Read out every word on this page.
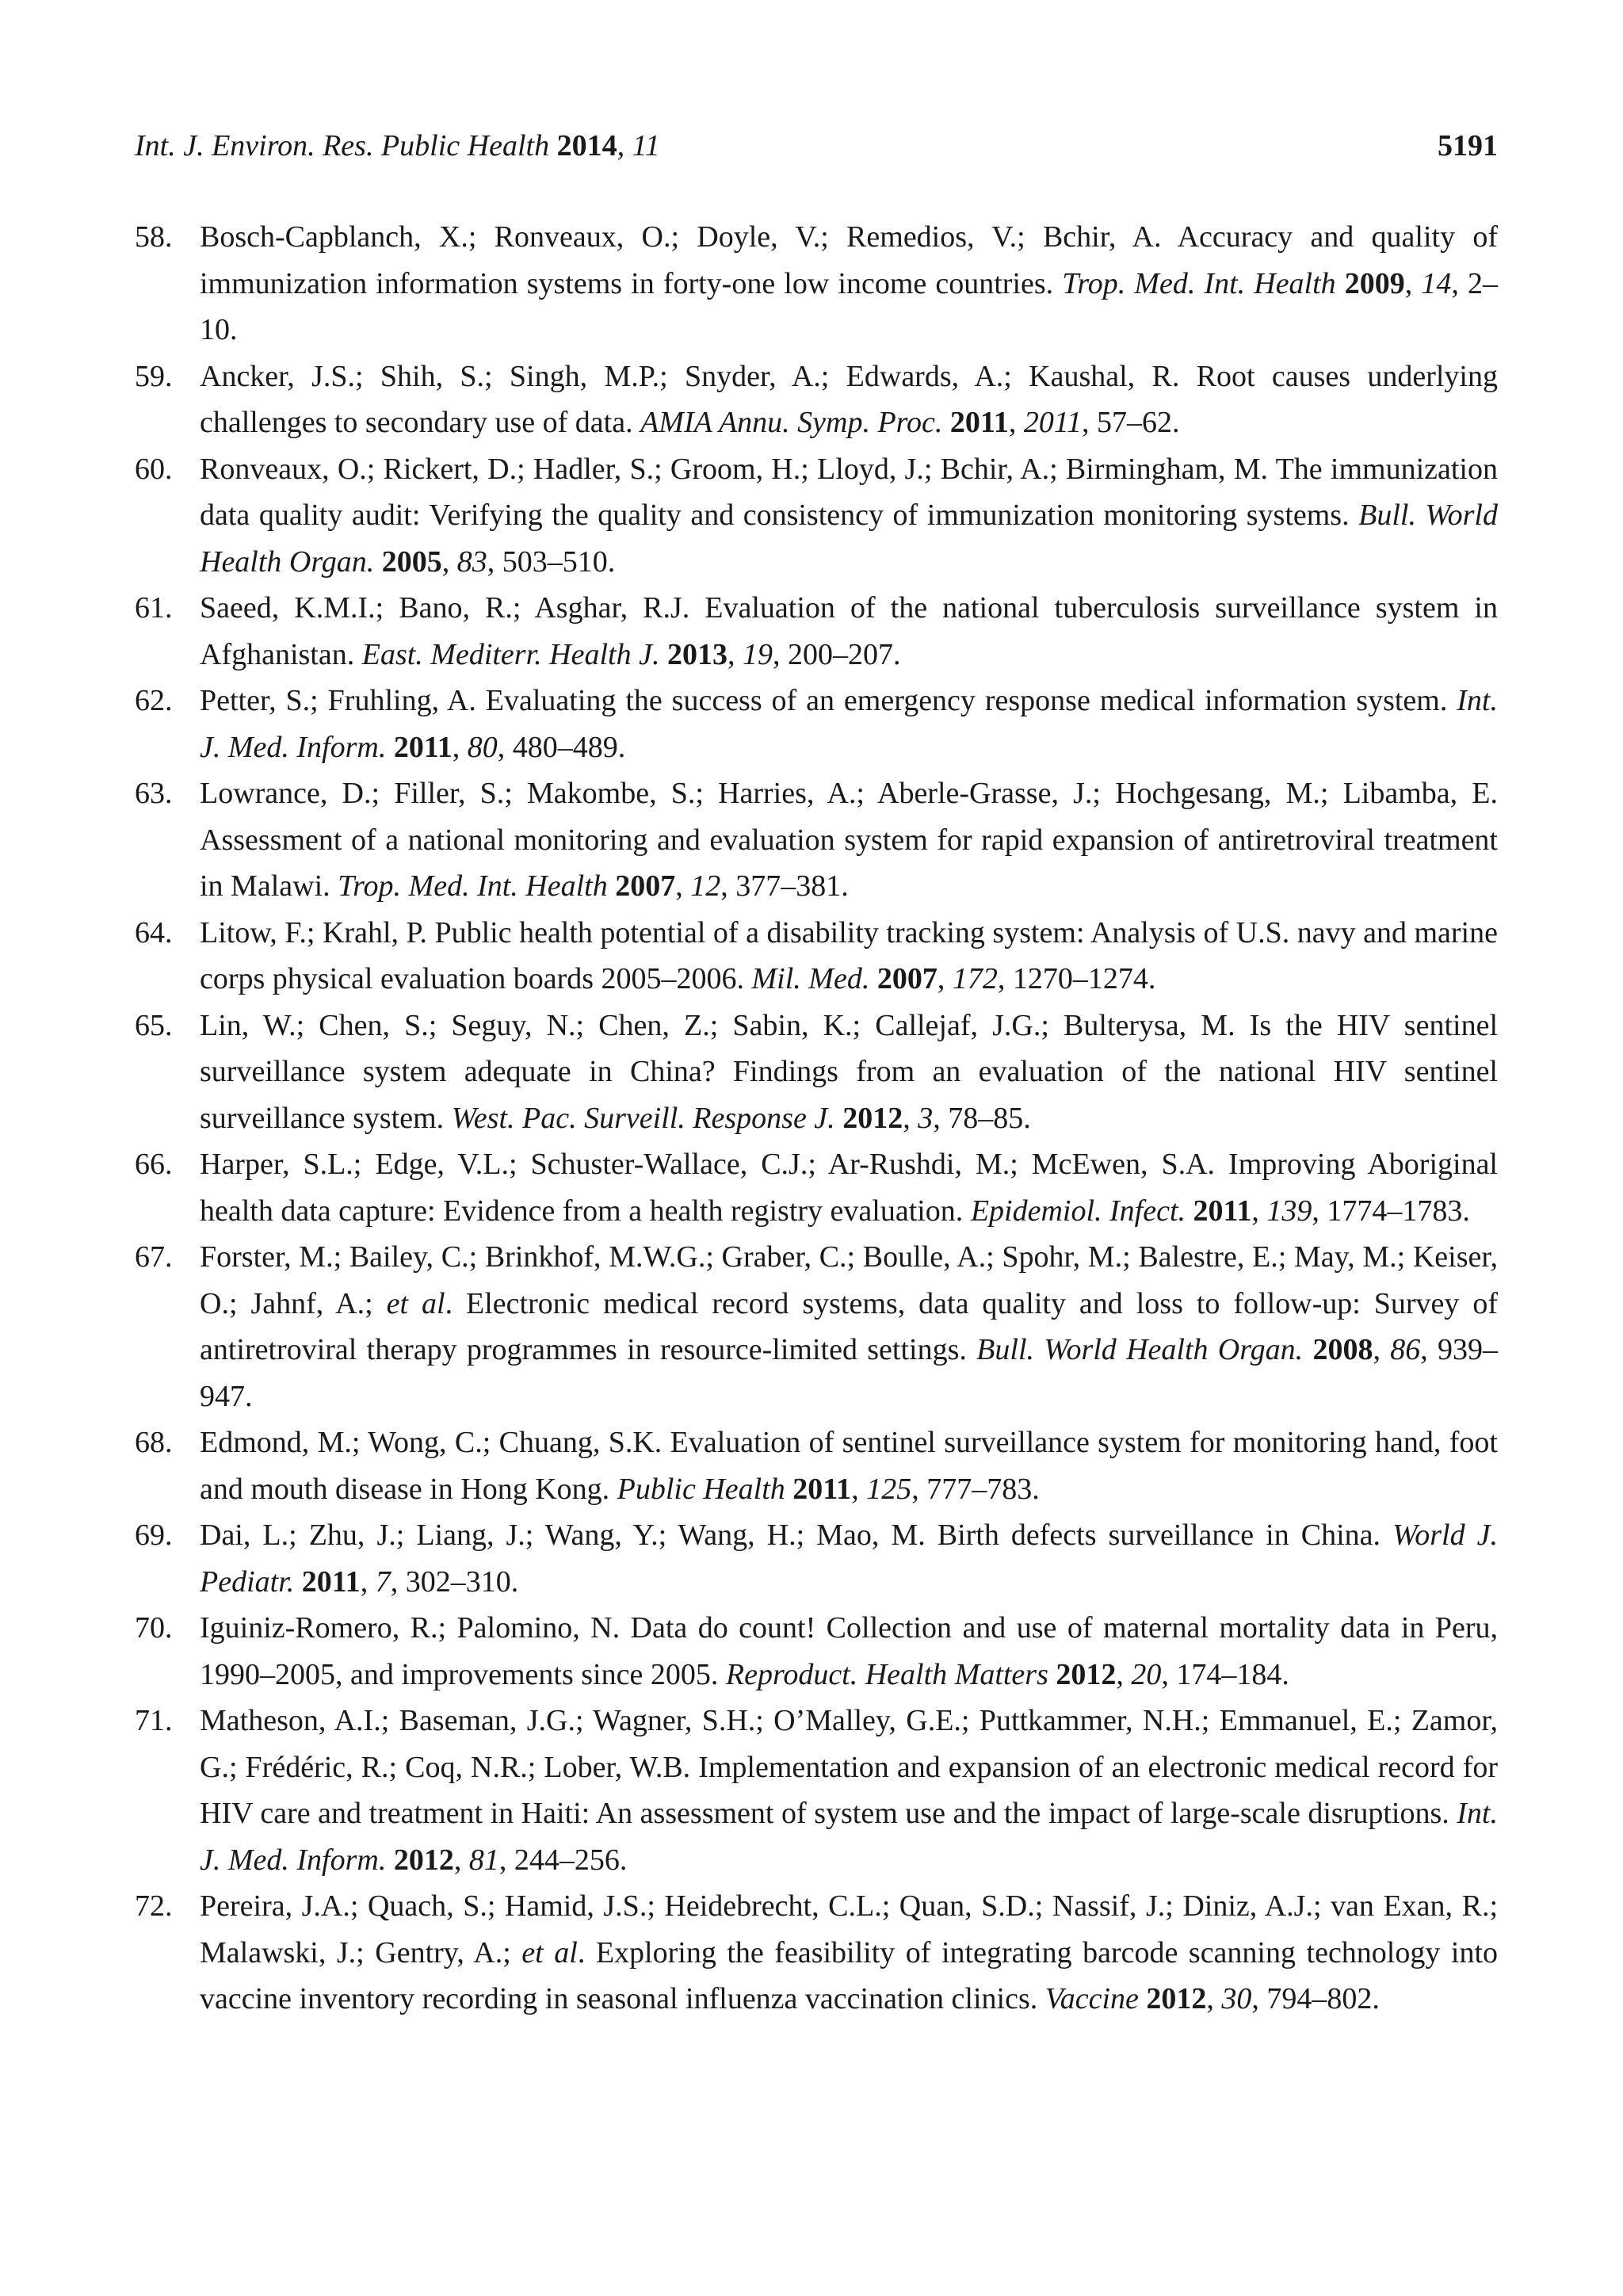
Int. J. Environ. Res. Public Health 2014, 11	5191
58. Bosch-Capblanch, X.; Ronveaux, O.; Doyle, V.; Remedios, V.; Bchir, A. Accuracy and quality of immunization information systems in forty-one low income countries. Trop. Med. Int. Health 2009, 14, 2–10.
59. Ancker, J.S.; Shih, S.; Singh, M.P.; Snyder, A.; Edwards, A.; Kaushal, R. Root causes underlying challenges to secondary use of data. AMIA Annu. Symp. Proc. 2011, 2011, 57–62.
60. Ronveaux, O.; Rickert, D.; Hadler, S.; Groom, H.; Lloyd, J.; Bchir, A.; Birmingham, M. The immunization data quality audit: Verifying the quality and consistency of immunization monitoring systems. Bull. World Health Organ. 2005, 83, 503–510.
61. Saeed, K.M.I.; Bano, R.; Asghar, R.J. Evaluation of the national tuberculosis surveillance system in Afghanistan. East. Mediterr. Health J. 2013, 19, 200–207.
62. Petter, S.; Fruhling, A. Evaluating the success of an emergency response medical information system. Int. J. Med. Inform. 2011, 80, 480–489.
63. Lowrance, D.; Filler, S.; Makombe, S.; Harries, A.; Aberle-Grasse, J.; Hochgesang, M.; Libamba, E. Assessment of a national monitoring and evaluation system for rapid expansion of antiretroviral treatment in Malawi. Trop. Med. Int. Health 2007, 12, 377–381.
64. Litow, F.; Krahl, P. Public health potential of a disability tracking system: Analysis of U.S. navy and marine corps physical evaluation boards 2005–2006. Mil. Med. 2007, 172, 1270–1274.
65. Lin, W.; Chen, S.; Seguy, N.; Chen, Z.; Sabin, K.; Callejaf, J.G.; Bulterysa, M. Is the HIV sentinel surveillance system adequate in China? Findings from an evaluation of the national HIV sentinel surveillance system. West. Pac. Surveill. Response J. 2012, 3, 78–85.
66. Harper, S.L.; Edge, V.L.; Schuster-Wallace, C.J.; Ar-Rushdi, M.; McEwen, S.A. Improving Aboriginal health data capture: Evidence from a health registry evaluation. Epidemiol. Infect. 2011, 139, 1774–1783.
67. Forster, M.; Bailey, C.; Brinkhof, M.W.G.; Graber, C.; Boulle, A.; Spohr, M.; Balestre, E.; May, M.; Keiser, O.; Jahnf, A.; et al. Electronic medical record systems, data quality and loss to follow-up: Survey of antiretroviral therapy programmes in resource-limited settings. Bull. World Health Organ. 2008, 86, 939–947.
68. Edmond, M.; Wong, C.; Chuang, S.K. Evaluation of sentinel surveillance system for monitoring hand, foot and mouth disease in Hong Kong. Public Health 2011, 125, 777–783.
69. Dai, L.; Zhu, J.; Liang, J.; Wang, Y.; Wang, H.; Mao, M. Birth defects surveillance in China. World J. Pediatr. 2011, 7, 302–310.
70. Iguiniz-Romero, R.; Palomino, N. Data do count! Collection and use of maternal mortality data in Peru, 1990–2005, and improvements since 2005. Reproduct. Health Matters 2012, 20, 174–184.
71. Matheson, A.I.; Baseman, J.G.; Wagner, S.H.; O’Malley, G.E.; Puttkammer, N.H.; Emmanuel, E.; Zamor, G.; Frédéric, R.; Coq, N.R.; Lober, W.B. Implementation and expansion of an electronic medical record for HIV care and treatment in Haiti: An assessment of system use and the impact of large-scale disruptions. Int. J. Med. Inform. 2012, 81, 244–256.
72. Pereira, J.A.; Quach, S.; Hamid, J.S.; Heidebrecht, C.L.; Quan, S.D.; Nassif, J.; Diniz, A.J.; van Exan, R.; Malawski, J.; Gentry, A.; et al. Exploring the feasibility of integrating barcode scanning technology into vaccine inventory recording in seasonal influenza vaccination clinics. Vaccine 2012, 30, 794–802.
